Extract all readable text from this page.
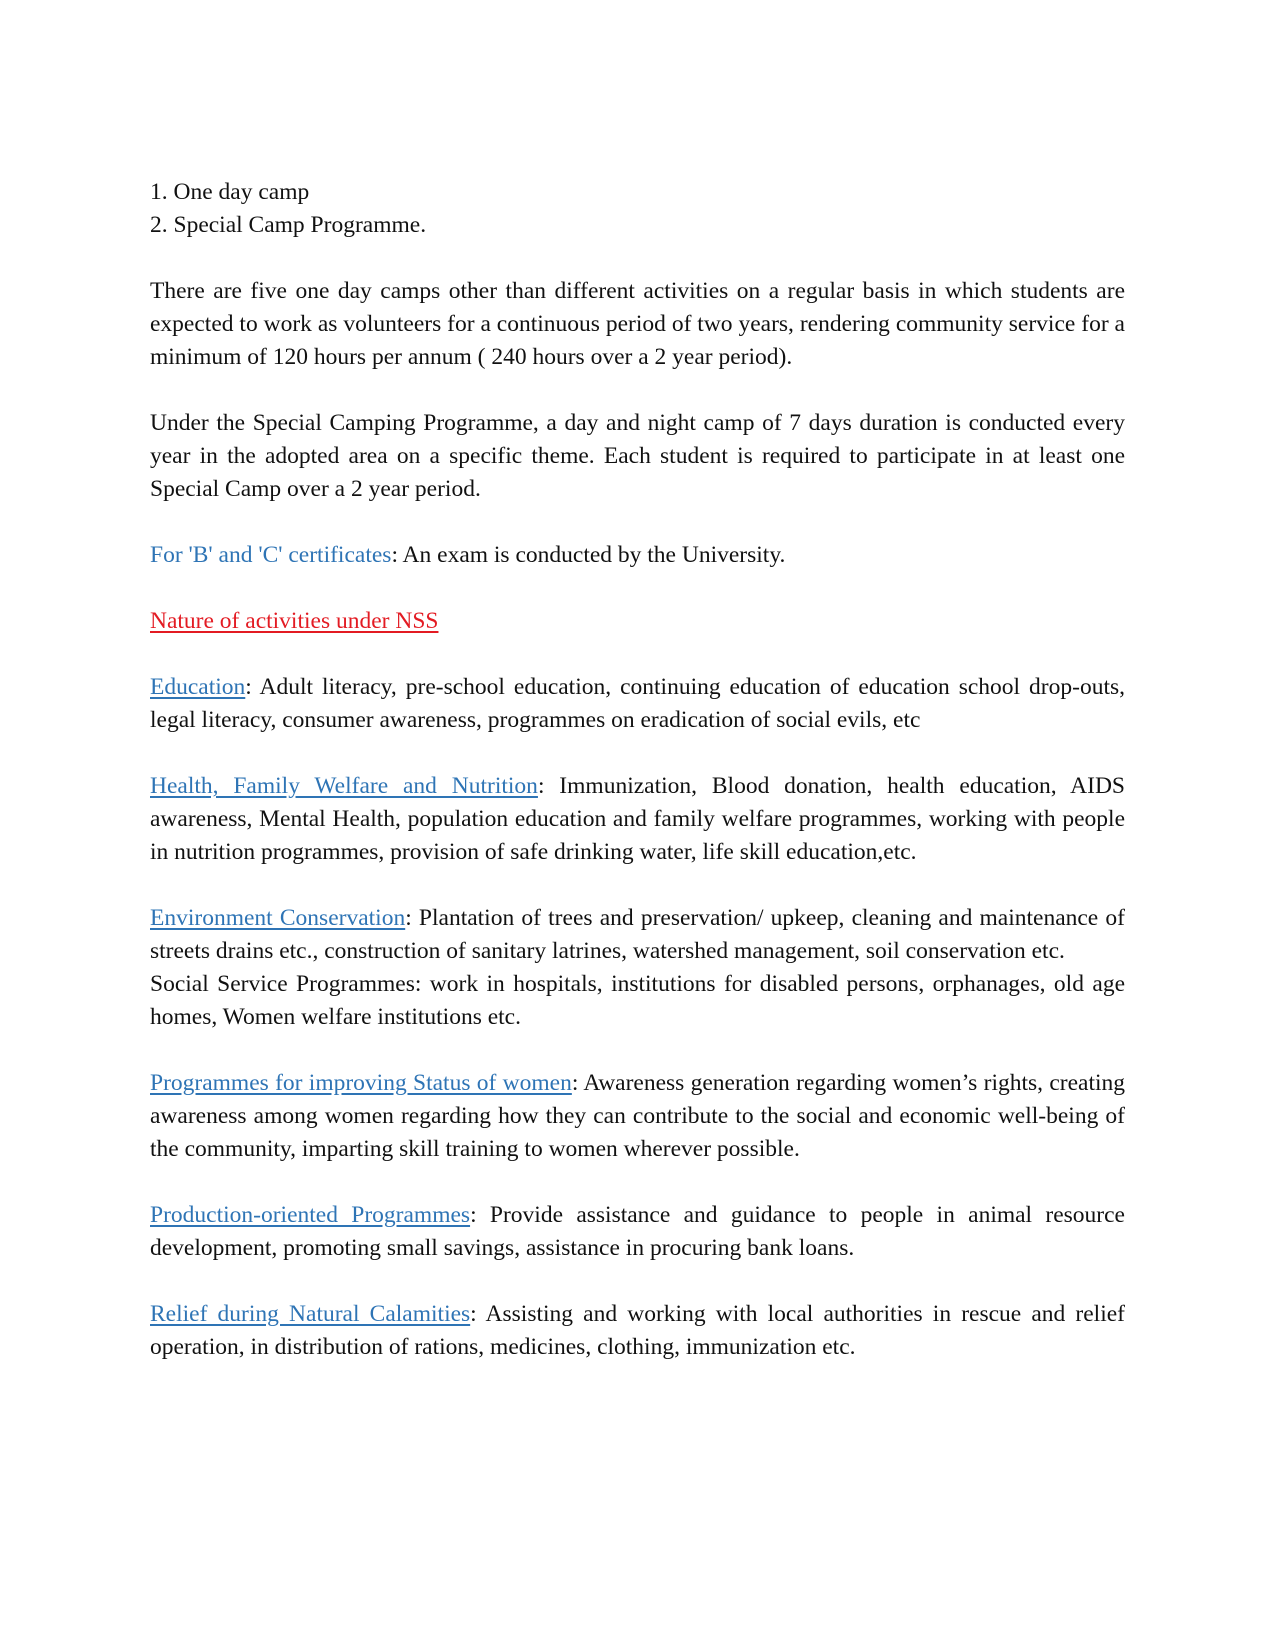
1. One day camp

2. Special Camp Programme.

There are five one day camps other than different activities on a regular basis in which students are expected to work as volunteers for a continuous period of two years, rendering community service for a minimum of 120 hours per annum ( 240 hours over a 2 year period).

Under the Special Camping Programme, a day and night camp of 7 days duration is conducted every year in the adopted area on a specific theme. Each student is required to participate in at least one Special Camp over a 2 year period.

For 'B' and 'C' certificates: An exam is conducted by the University.

Nature of activities under NSS

Education: Adult literacy, pre-school education, continuing education of education school drop-outs, legal literacy, consumer awareness, programmes on eradication of social evils, etc

Health, Family Welfare and Nutrition: Immunization, Blood donation, health education, AIDS awareness, Mental Health, population education and family welfare programmes, working with people in nutrition programmes, provision of safe drinking water, life skill education,etc.

Environment Conservation: Plantation of trees and preservation/ upkeep, cleaning and maintenance of streets drains etc., construction of sanitary latrines, watershed management, soil conservation etc.

Social Service Programmes: work in hospitals, institutions for disabled persons, orphanages, old age homes, Women welfare institutions etc.

Programmes for improving Status of women: Awareness generation regarding women’s rights, creating awareness among women regarding how they can contribute to the social and economic well-being of the community, imparting skill training to women wherever possible.

Production-oriented Programmes: Provide assistance and guidance to people in animal resource development, promoting small savings, assistance in procuring bank loans.

Relief during Natural Calamities: Assisting and working with local authorities in rescue and relief operation, in distribution of rations, medicines, clothing, immunization etc.
